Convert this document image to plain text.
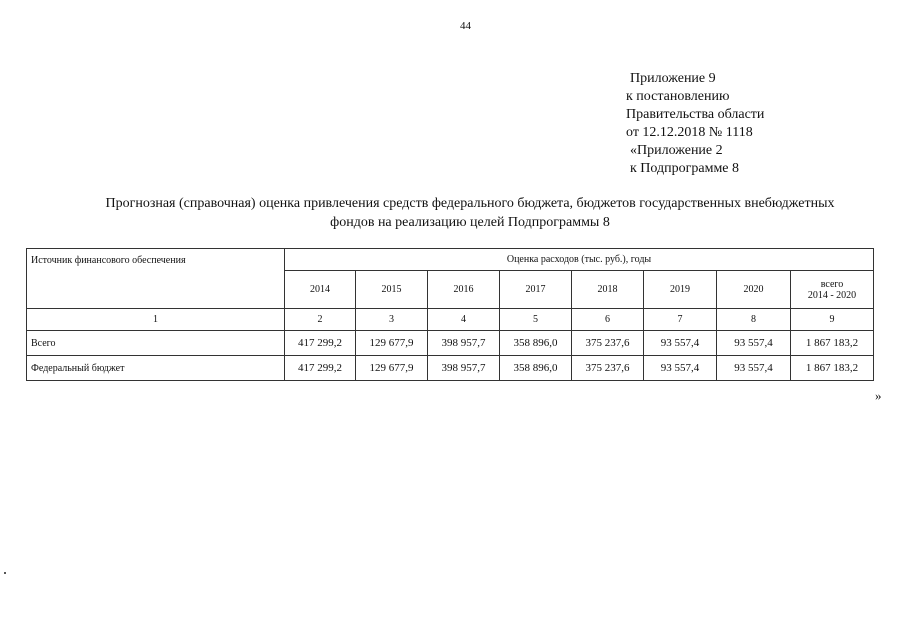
44
Приложение 9
к постановлению
Правительства области
от 12.12.2018 № 1118
«Приложение 2
к Подпрограмме 8
Прогнозная (справочная) оценка привлечения средств федерального бюджета, бюджетов государственных внебюджетных
фондов на реализацию целей Подпрограммы 8
Источник финансового обеспечения	Оценка расходов (тыс. руб.), годы							
	2014	2015	2016	2017	2018	2019	2020	всего
2014 - 2020

1	2	3	4	5	6	7	8	9
Всего	417 299,2	129 677,9	398 957,7	358 896,0	375 237,6	93 557,4	93 557,4	1 867 183,2
Федеральный бюджет	417 299,2	129 677,9	398 957,7	358 896,0	375 237,6	93 557,4	93 557,4	1 867 183,2
»
